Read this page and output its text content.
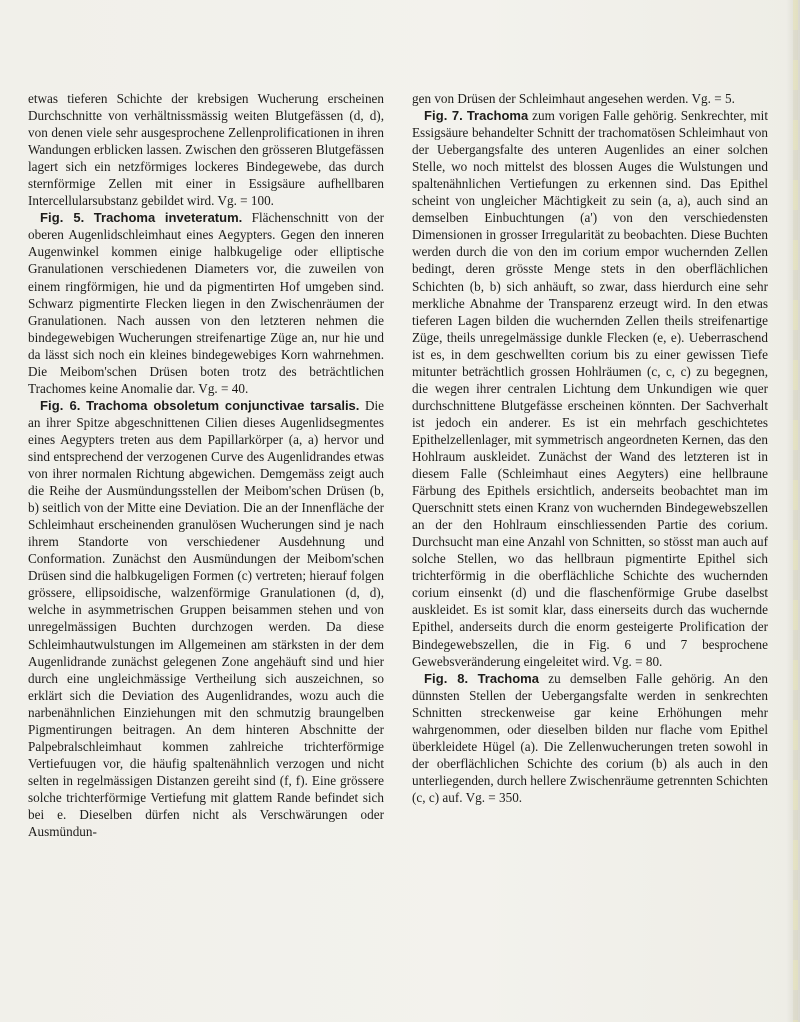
etwas tieferen Schichte der krebsigen Wucherung erscheinen Durchschnitte von verhältnissmässig weiten Blutgefässen (d, d), von denen viele sehr ausgesprochene Zellenprolificationen in ihren Wandungen erblicken lassen. Zwischen den grösseren Blutgefässen lagert sich ein netzförmiges lockeres Bindegewebe, das durch sternförmige Zellen mit einer in Essigsäure aufhellbaren Intercellularsubstanz gebildet wird. Vg. = 100.

Fig. 5. Trachoma inveteratum. Flächenschnitt von der oberen Augenlidschleimhaut eines Aegypters. Gegen den inneren Augenwinkel kommen einige halbkugelige oder elliptische Granulationen verschiedenen Diameters vor, die zuweilen von einem ringförmigen, hie und da pigmentirten Hof umgeben sind. Schwarz pigmentirte Flecken liegen in den Zwischenräumen der Granulationen. Nach aussen von den letzteren nehmen die bindegewebigen Wucherungen streifenartige Züge an, nur hie und da lässt sich noch ein kleines bindegewebiges Korn wahrnehmen. Die Meibom'schen Drüsen boten trotz des beträchtlichen Trachomes keine Anomalie dar. Vg. = 40.

Fig. 6. Trachoma obsoletum conjunctivae tarsalis. Die an ihrer Spitze abgeschnittenen Cilien dieses Augenlidsegmentes eines Aegypters treten aus dem Papillarkörper (a, a) hervor und sind entsprechend der verzogenen Curve des Augenlidrandes etwas von ihrer normalen Richtung abgewichen. Demgemäss zeigt auch die Reihe der Ausmündungsstellen der Meibom'schen Drüsen (b, b) seitlich von der Mitte eine Deviation. Die an der Innenfläche der Schleimhaut erscheinenden granulösen Wucherungen sind je nach ihrem Standorte von verschiedener Ausdehnung und Conformation. Zunächst den Ausmündungen der Meibom'schen Drüsen sind die halbkugeligen Formen (c) vertreten; hierauf folgen grössere, ellipsoidische, walzenförmige Granulationen (d, d), welche in asymmetrischen Gruppen beisammen stehen und von unregelmässigen Buchten durchzogen werden. Da diese Schleimhautwulstungen im Allgemeinen am stärksten in der dem Augenlidrande zunächst gelegenen Zone angehäuft sind und hier durch eine ungleichmässige Vertheilung sich auszeichnen, so erklärt sich die Deviation des Augenlidrandes, wozu auch die narbenähnlichen Einziehungen mit den schmutzig braungelben Pigmentirungen beitragen. An dem hinteren Abschnitte der Palpebralschleimhaut kommen zahlreiche trichterförmige Vertiefuugen vor, die häufig spaltenähnlich verzogen und nicht selten in regelmässigen Distanzen gereiht sind (f, f). Eine grössere solche trichterförmige Vertiefung mit glattem Rande befindet sich bei e. Dieselben dürfen nicht als Verschwärungen oder Ausmündun-

gen von Drüsen der Schleimhaut angesehen werden. Vg. = 5.

Fig. 7. Trachoma zum vorigen Falle gehörig. Senkrechter, mit Essigsäure behandelter Schnitt der trachomatösen Schleimhaut von der Uebergangsfalte des unteren Augenlides an einer solchen Stelle, wo noch mittelst des blossen Auges die Wulstungen und spaltenähnlichen Vertiefungen zu erkennen sind. Das Epithel scheint von ungleicher Mächtigkeit zu sein (a, a), auch sind an demselben Einbuchtungen (a') von den verschiedensten Dimensionen in grosser Irregularität zu beobachten. Diese Buchten werden durch die von den im corium empor wuchernden Zellen bedingt, deren grösste Menge stets in den oberflächlichen Schichten (b, b) sich anhäuft, so zwar, dass hierdurch eine sehr merkliche Abnahme der Transparenz erzeugt wird. In den etwas tieferen Lagen bilden die wuchernden Zellen theils streifenartige Züge, theils unregelmässige dunkle Flecken (e, e). Ueberraschend ist es, in dem geschwellten corium bis zu einer gewissen Tiefe mitunter beträchtlich grossen Hohlräumen (c, c, c) zu begegnen, die wegen ihrer centralen Lichtung dem Unkundigen wie quer durchschnittene Blutgefässe erscheinen könnten. Der Sachverhalt ist jedoch ein anderer. Es ist ein mehrfach geschichtetes Epithelzellenlager, mit symmetrisch angeordneten Kernen, das den Hohlraum auskleidet. Zunächst der Wand des letzteren ist in diesem Falle (Schleimhaut eines Aegyters) eine hellbraune Färbung des Epithels ersichtlich, anderseits beobachtet man im Querschnitt stets einen Kranz von wuchernden Bindegewebszellen an der den Hohlraum einschliessenden Partie des corium. Durchsucht man eine Anzahl von Schnitten, so stösst man auch auf solche Stellen, wo das hellbraun pigmentirte Epithel sich trichterförmig in die oberflächliche Schichte des wuchernden corium einsenkt (d) und die flaschenförmige Grube daselbst auskleidet. Es ist somit klar, dass einerseits durch das wuchernde Epithel, anderseits durch die enorm gesteigerte Prolification der Bindegewebszellen, die in Fig. 6 und 7 besprochene Gewebsveränderung eingeleitet wird. Vg. = 80.

Fig. 8. Trachoma zu demselben Falle gehörig. An den dünnsten Stellen der Uebergangsfalte werden in senkrechten Schnitten streckenweise gar keine Erhöhungen mehr wahrgenommen, oder dieselben bilden nur flache vom Epithel überkleidete Hügel (a). Die Zellenwucherungen treten sowohl in der oberflächlichen Schichte des corium (b) als auch in den unterliegenden, durch hellere Zwischenräume getrennten Schichten (c, c) auf. Vg. = 350.
